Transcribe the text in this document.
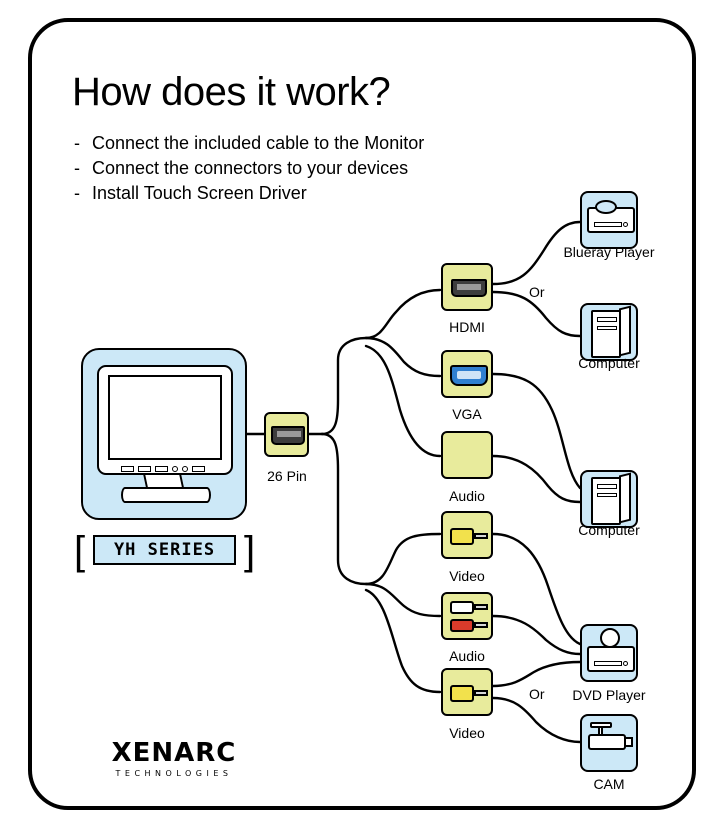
How does it work?
- Connect the included cable to the Monitor
- Connect the connectors to your devices
- Install Touch Screen Driver
[	]
YH SERIES
26 Pin
HDMI
VGA
Audio
Video
Audio
Video
Blueray Player
Computer
Computer
DVD Player
CAM
Or
Or
XENARC
TECHNOLOGIES
